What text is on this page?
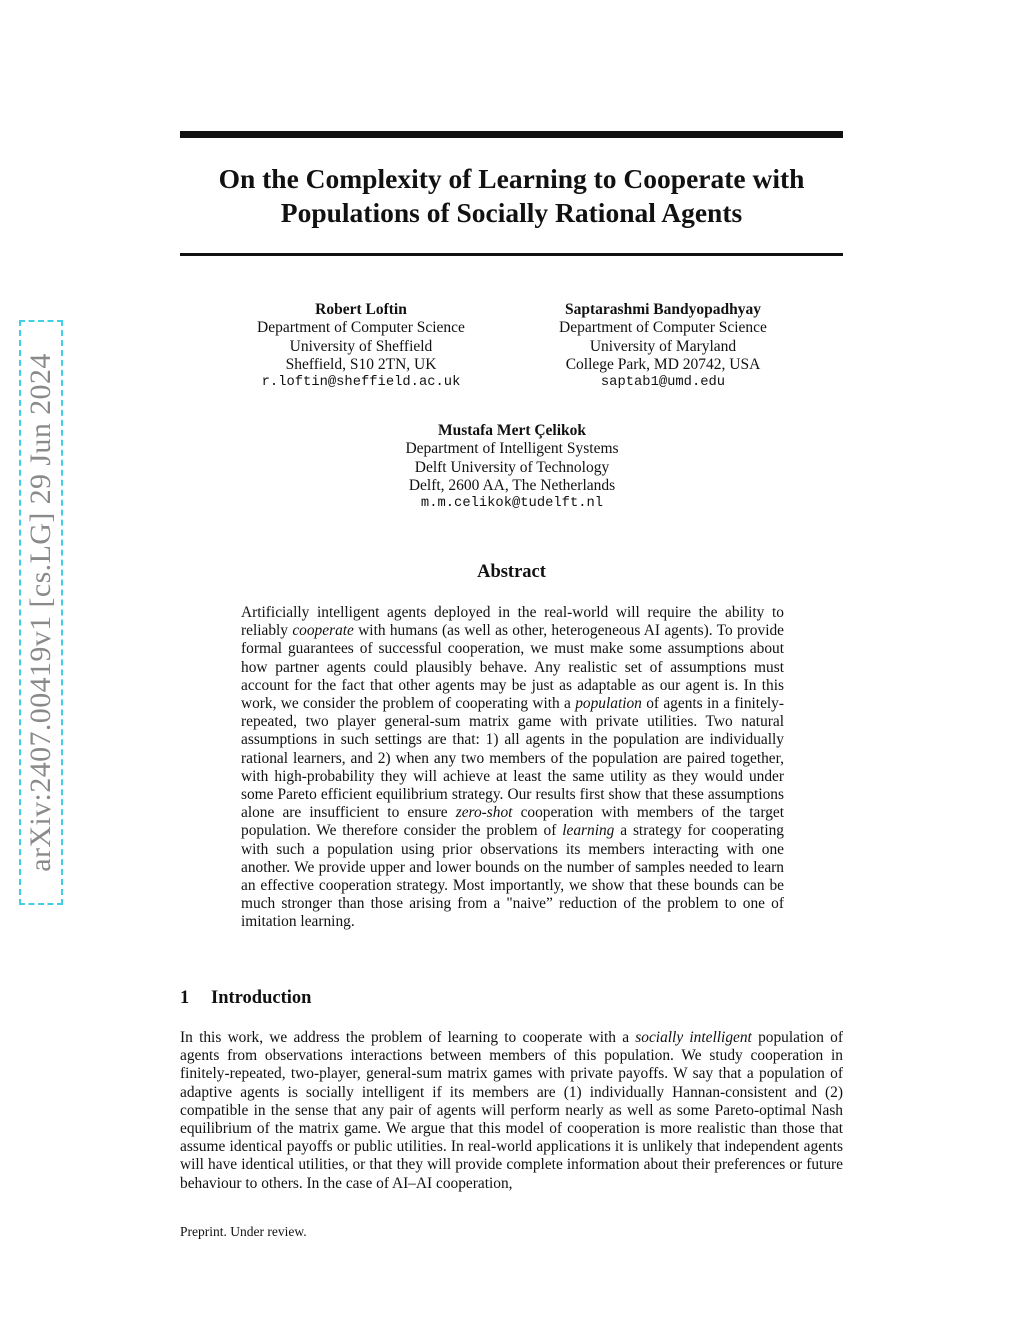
arXiv:2407.00419v1 [cs.LG] 29 Jun 2024
On the Complexity of Learning to Cooperate with
Populations of Socially Rational Agents
Robert Loftin
Department of Computer Science
University of Sheffield
Sheffield, S10 2TN, UK
r.loftin@sheffield.ac.uk
Saptarashmi Bandyopadhyay
Department of Computer Science
University of Maryland
College Park, MD 20742, USA
saptab1@umd.edu
Mustafa Mert Çelikok
Department of Intelligent Systems
Delft University of Technology
Delft, 2600 AA, The Netherlands
m.m.celikok@tudelft.nl
Abstract

Artificially intelligent agents deployed in the real-world will require the ability to reliably cooperate with humans (as well as other, heterogeneous AI agents). To provide formal guarantees of successful cooperation, we must make some assumptions about how partner agents could plausibly behave. Any realistic set of assumptions must account for the fact that other agents may be just as adaptable as our agent is. In this work, we consider the problem of cooperating with a population of agents in a finitely-repeated, two player general-sum matrix game with private utilities. Two natural assumptions in such settings are that: 1) all agents in the population are individually rational learners, and 2) when any two members of the population are paired together, with high-probability they will achieve at least the same utility as they would under some Pareto efficient equilibrium strategy. Our results first show that these assumptions alone are insufficient to ensure zero-shot cooperation with members of the target population. We therefore consider the problem of learning a strategy for cooperating with such a population using prior observations its members interacting with one another. We provide upper and lower bounds on the number of samples needed to learn an effective cooperation strategy. Most importantly, we show that these bounds can be much stronger than those arising from a "naive” reduction of the problem to one of imitation learning.

1 Introduction

In this work, we address the problem of learning to cooperate with a socially intelligent population of agents from observations interactions between members of this population. We study cooperation in finitely-repeated, two-player, general-sum matrix games with private payoffs. W say that a population of adaptive agents is socially intelligent if its members are (1) individually Hannan-consistent and (2) compatible in the sense that any pair of agents will perform nearly as well as some Pareto-optimal Nash equilibrium of the matrix game. We argue that this model of cooperation is more realistic than those that assume identical payoffs or public utilities. In real-world applications it is unlikely that independent agents will have identical utilities, or that they will provide complete information about their preferences or future behaviour to others. In the case of AI–AI cooperation,

Preprint. Under review.
